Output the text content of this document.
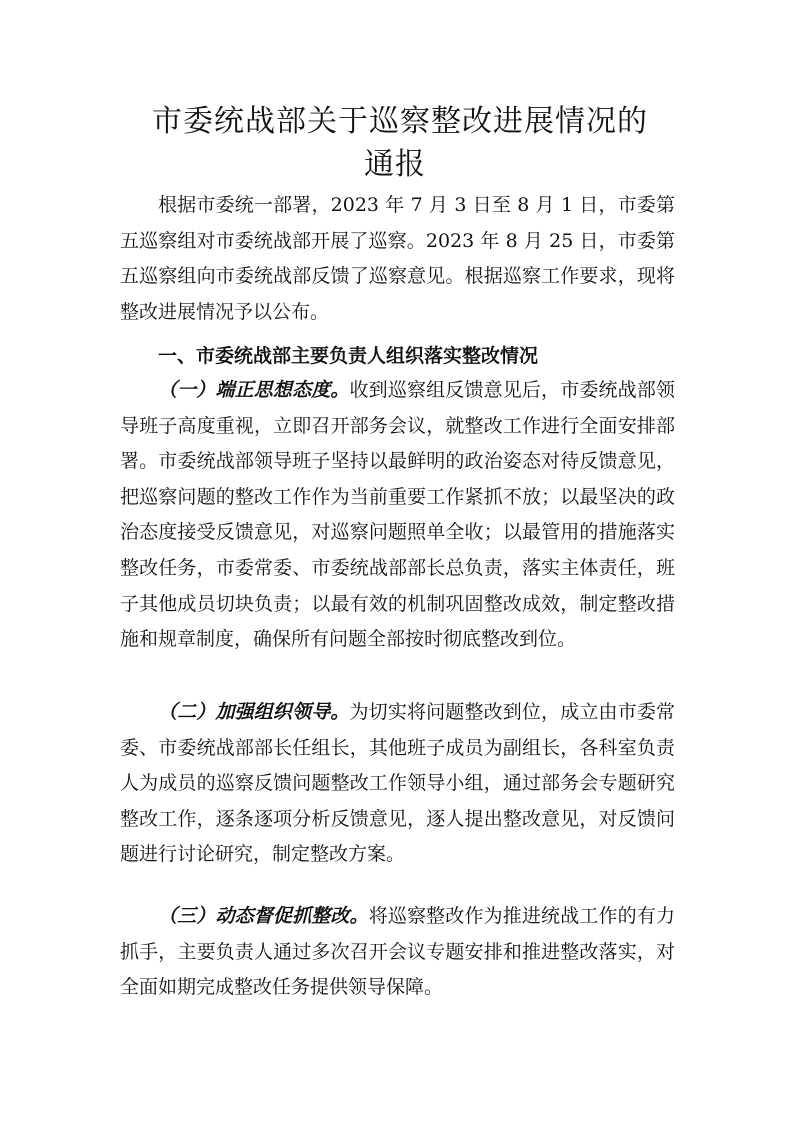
市委统战部关于巡察整改进展情况的
通报

根据市委统一部署，2023 年 7 月 3 日至 8 月 1 日，市委第五巡察组对市委统战部开展了巡察。2023 年 8 月 25 日，市委第五巡察组向市委统战部反馈了巡察意见。根据巡察工作要求，现将整改进展情况予以公布。

一、市委统战部主要负责人组织落实整改情况

（一）端正思想态度。收到巡察组反馈意见后，市委统战部领导班子高度重视，立即召开部务会议，就整改工作进行全面安排部署。市委统战部领导班子坚持以最鲜明的政治姿态对待反馈意见，把巡察问题的整改工作作为当前重要工作紧抓不放；以最坚决的政治态度接受反馈意见，对巡察问题照单全收；以最管用的措施落实整改任务，市委常委、市委统战部部长总负责，落实主体责任，班子其他成员切块负责；以最有效的机制巩固整改成效，制定整改措施和规章制度，确保所有问题全部按时彻底整改到位。

（二）加强组织领导。为切实将问题整改到位，成立由市委常委、市委统战部部长任组长，其他班子成员为副组长，各科室负责人为成员的巡察反馈问题整改工作领导小组，通过部务会专题研究整改工作，逐条逐项分析反馈意见，逐人提出整改意见，对反馈问题进行讨论研究，制定整改方案。

（三）动态督促抓整改。将巡察整改作为推进统战工作的有力抓手，主要负责人通过多次召开会议专题安排和推进整改落实，对全面如期完成整改任务提供领导保障。
